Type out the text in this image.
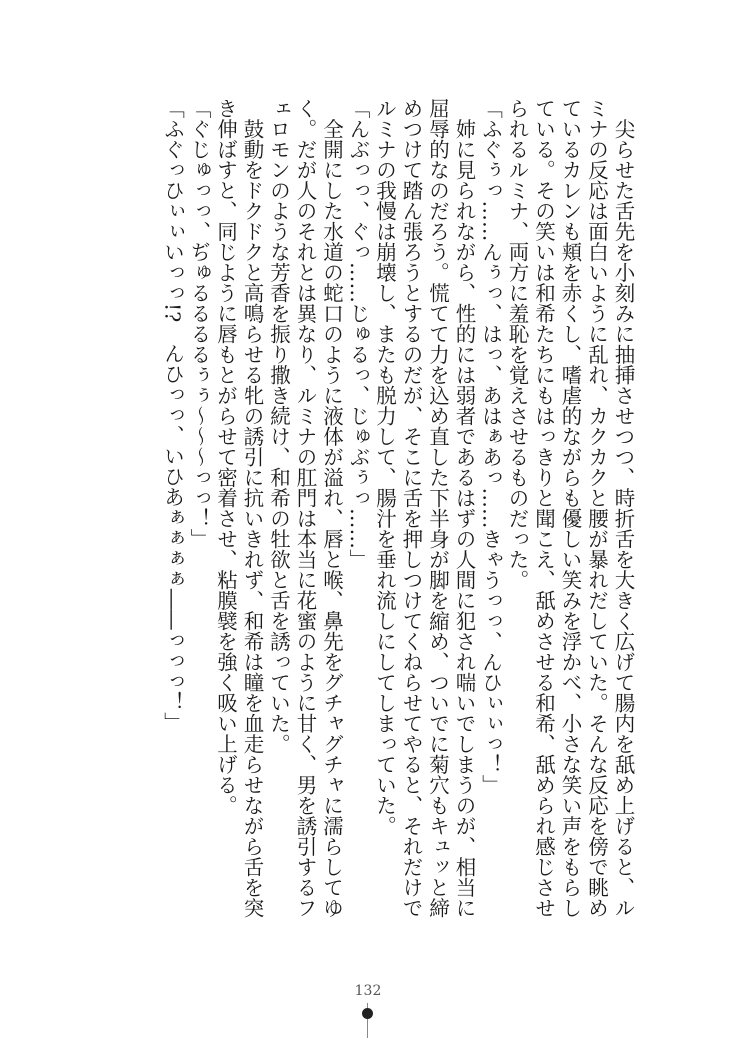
　尖らせた舌先を小刻みに抽挿させつつ、時折舌を大きく広げて腸内を舐め上げると、ル
ミナの反応は面白いように乱れ、カクカクと腰が暴れだしていた。そんな反応を傍で眺め
ているカレンも頬を赤くし、嗜虐的ながらも優しい笑みを浮かべ、小さな笑い声をもらし
ている。その笑いは和希たちにもはっきりと聞こえ、舐めさせる和希、舐められ感じさせ
られるルミナ、両方に羞恥を覚えさせるものだった。
「ふぐぅっ……んぅっ、はっ、あはぁあっ……きゃうっっ、んひぃぃっ！」
　姉に見られながら、性的には弱者であるはずの人間に犯され喘いでしまうのが、相当に
屈辱的なのだろう。慌てて力を込め直した下半身が脚を縮め、ついでに菊穴もキュッと締
めつけて踏ん張ろうとするのだが、そこに舌を押しつけてくねらせてやると、それだけで
ルミナの我慢は崩壊し、またも脱力して、腸汁を垂れ流しにしてしまっていた。
「んぶっっ、ぐっ……じゅるっ、じゅぶぅっ……」
　全開にした水道の蛇口のように液体が溢れ、唇と喉、鼻先をグチャグチャに濡らしてゆ
く。だが人のそれとは異なり、ルミナの肛門は本当に花蜜のように甘く、男を誘引するフ
ェロモンのような芳香を振り撒き続け、和希の牡欲と舌を誘っていた。
　鼓動をドクドクと高鳴らせる牝の誘引に抗いきれず、和希は瞳を血走らせながら舌を突
き伸ばすと、同じように唇もとがらせて密着させ、粘膜襞を強く吸い上げる。
「ぐじゅっっ、ぢゅるるるるぅぅ〜〜〜っっ！」
「ふぐっひぃぃいっっ!?　んひっっ、いひあぁぁぁぁ――っっっ！」
132
